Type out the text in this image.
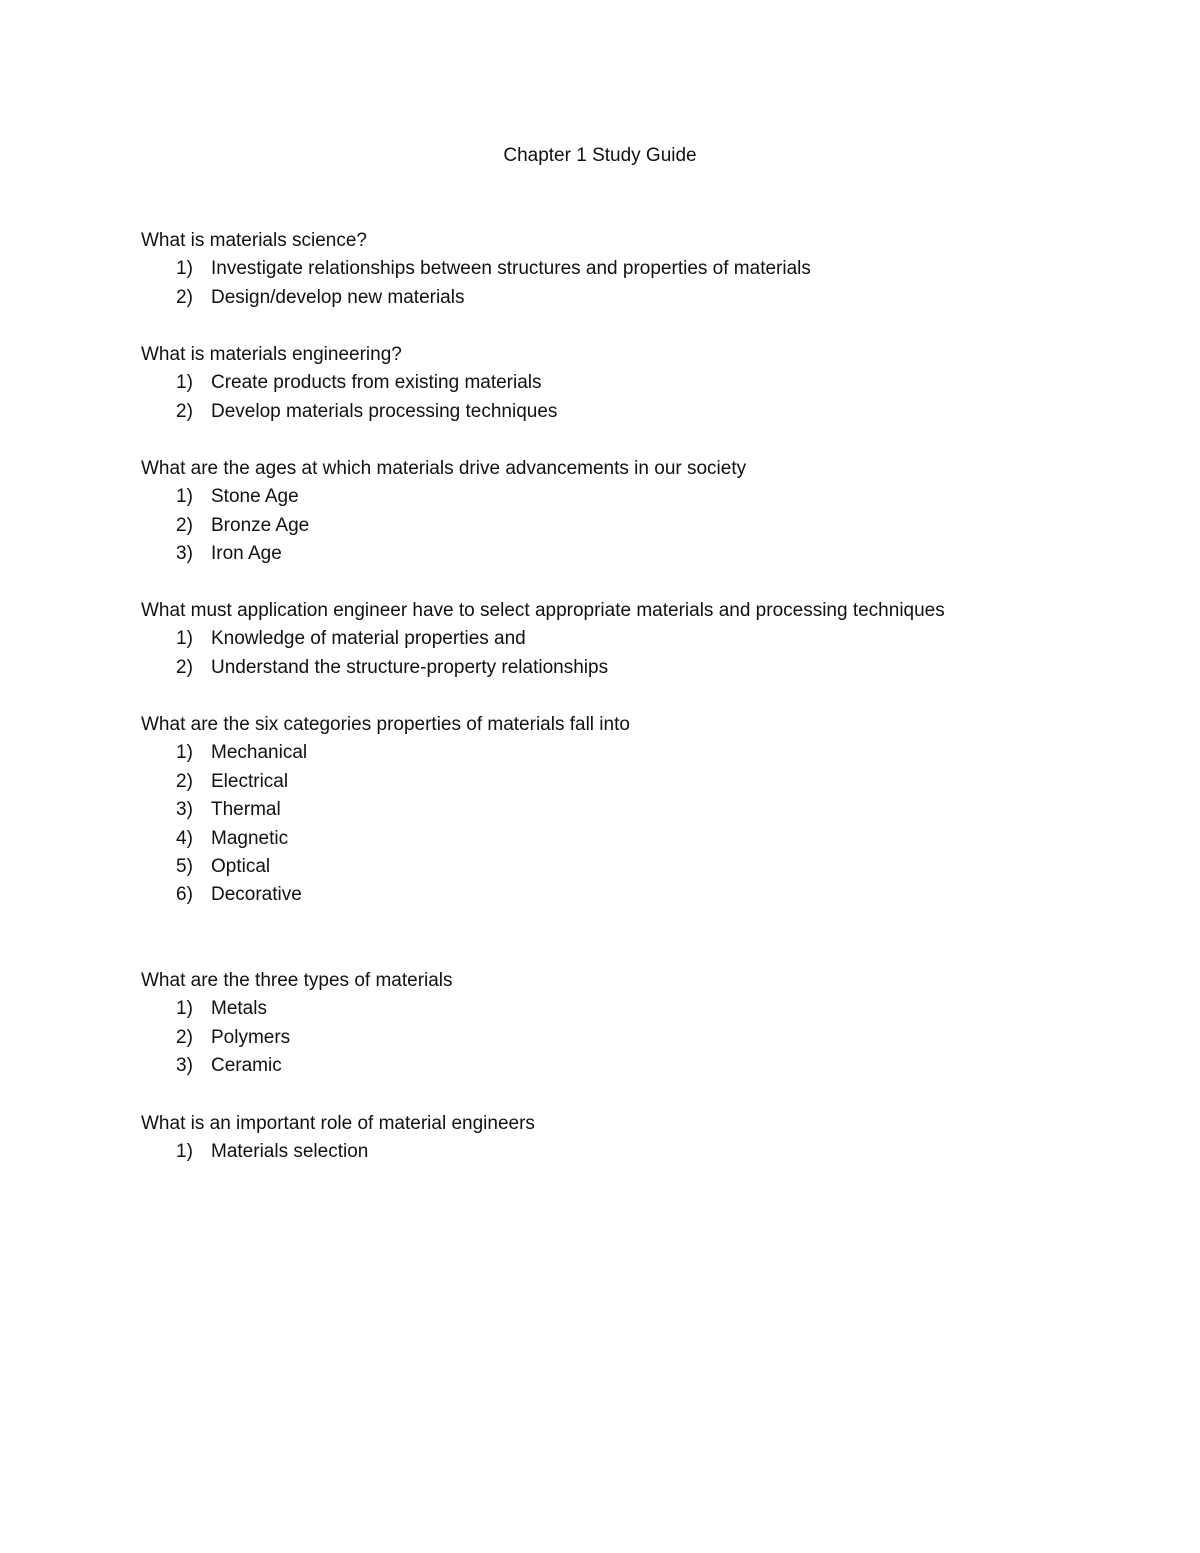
Chapter 1 Study Guide
What is materials science?
1) Investigate relationships between structures and properties of materials
2) Design/develop new materials
What is materials engineering?
1) Create products from existing materials
2) Develop materials processing techniques
What are the ages at which materials drive advancements in our society
1) Stone Age
2) Bronze Age
3) Iron Age
What must application engineer have to select appropriate materials and processing techniques
1) Knowledge of material properties and
2) Understand the structure-property relationships
What are the six categories properties of materials fall into
1) Mechanical
2) Electrical
3) Thermal
4) Magnetic
5) Optical
6) Decorative
What are the three types of materials
1) Metals
2) Polymers
3) Ceramic
What is an important role of material engineers
1) Materials selection
